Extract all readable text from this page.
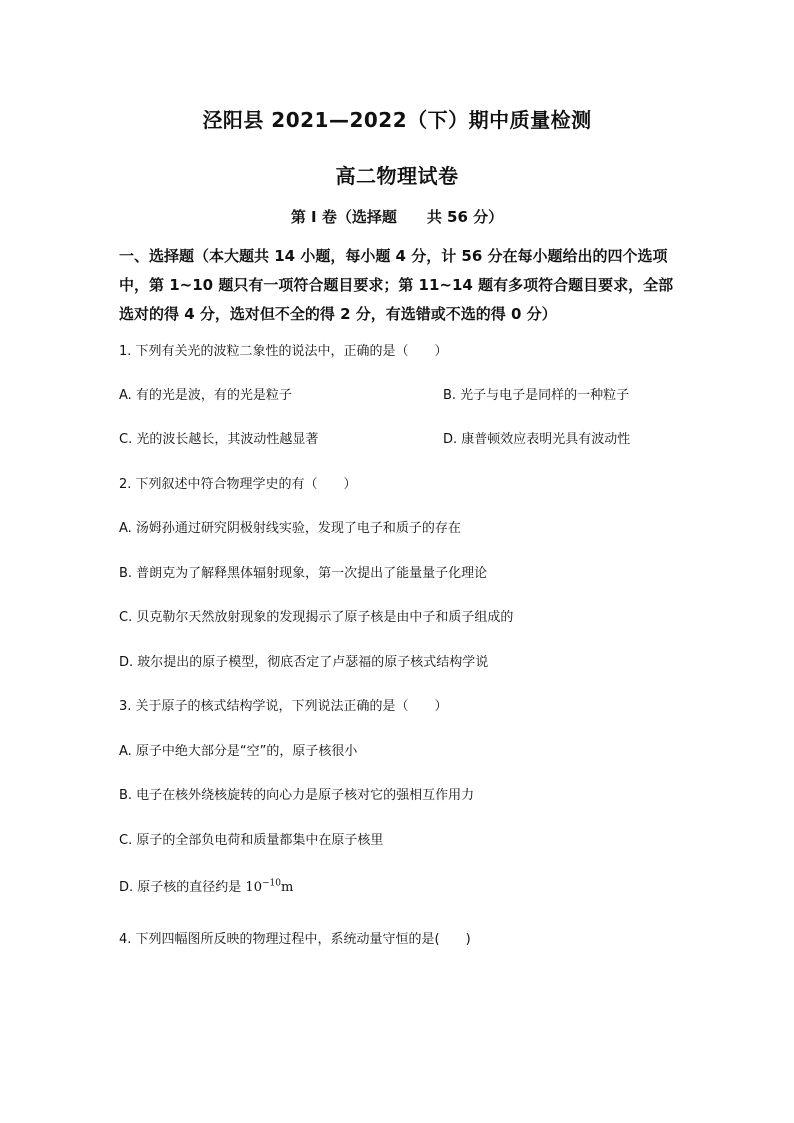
泾阳县 2021—2022（下）期中质量检测
高二物理试卷
第 I 卷（选择题　　共 56 分）
一、选择题（本大题共 14 小题，每小题 4 分，计 56 分在每小题给出的四个选项中，第 1~10 题只有一项符合题目要求；第 11~14 题有多项符合题目要求，全部选对的得 4 分，选对但不全的得 2 分，有选错或不选的得 0 分）
1. 下列有关光的波粒二象性的说法中，正确的是（　　）
A. 有的光是波，有的光是粒子	B. 光子与电子是同样的一种粒子
C. 光的波长越长，其波动性越显著	D. 康普顿效应表明光具有波动性
2. 下列叙述中符合物理学史的有（　　）
A. 汤姆孙通过研究阴极射线实验，发现了电子和质子的存在
B. 普朗克为了解释黑体辐射现象，第一次提出了能量量子化理论
C. 贝克勒尔天然放射现象的发现揭示了原子核是由中子和质子组成的
D. 玻尔提出的原子模型，彻底否定了卢瑟福的原子核式结构学说
3. 关于原子的核式结构学说，下列说法正确的是（　　）
A. 原子中绝大部分是“空”的，原子核很小
B. 电子在核外绕核旋转的向心力是原子核对它的强相互作用力
C. 原子的全部负电荷和质量都集中在原子核里
D. 原子核的直径约是 $10^{-10}m$
4. 下列四幅图所反映的物理过程中，系统动量守恒的是(　　)
